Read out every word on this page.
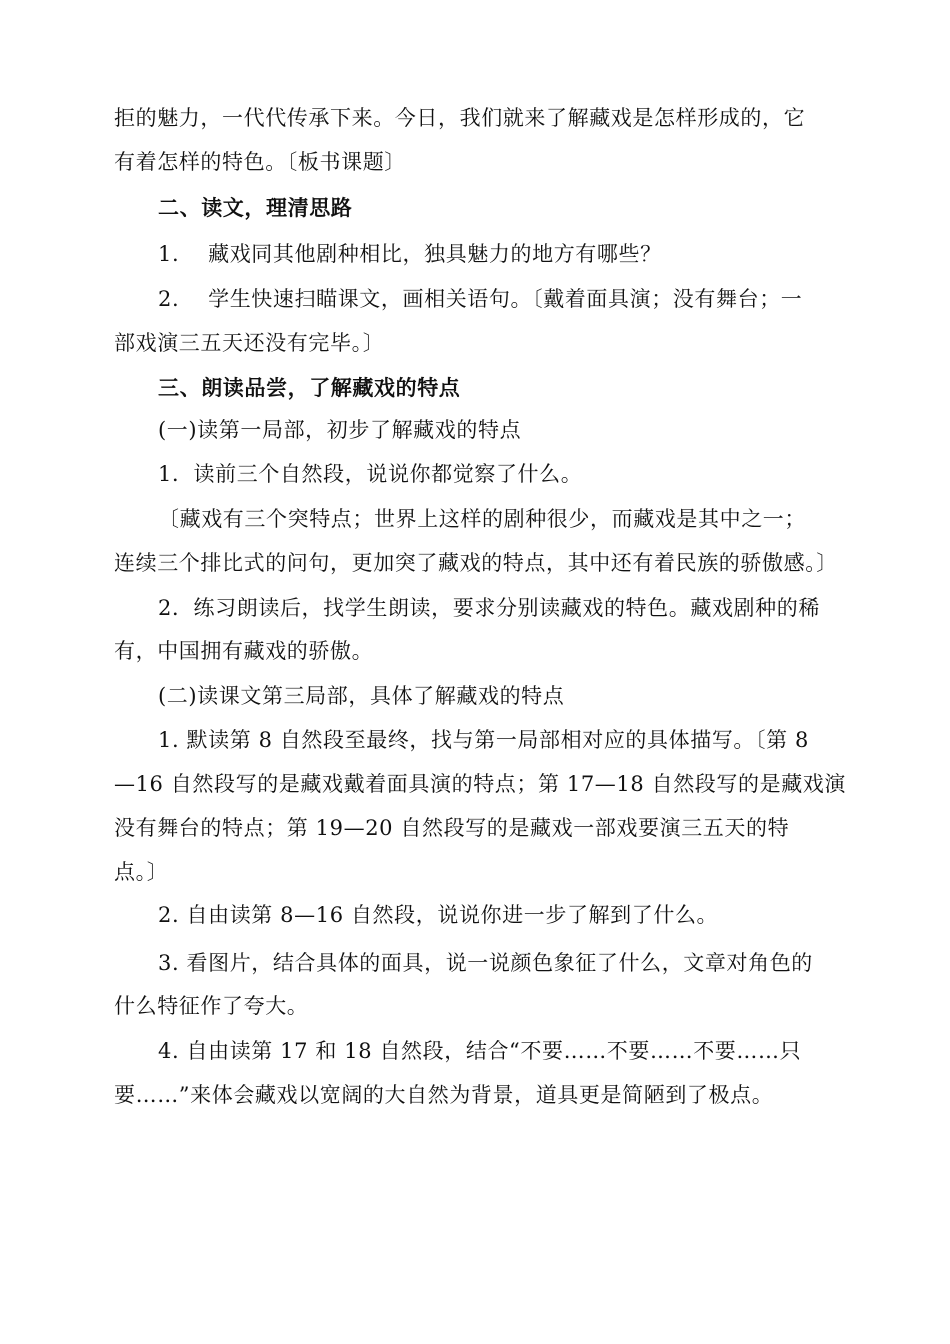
拒的魅力，一代代传承下来。今日，我们就来了解藏戏是怎样形成的，它
有着怎样的特色。〔板书课题〕
二、读文，理清思路
1.　 藏戏同其他剧种相比，独具魅力的地方有哪些？
2.　 学生快速扫瞄课文，画相关语句。〔戴着面具演；没有舞台；一
部戏演三五天还没有完毕。〕
三、朗读品尝，了解藏戏的特点
(一)读第一局部，初步了解藏戏的特点
1．读前三个自然段，说说你都觉察了什么。
〔藏戏有三个突特点；世界上这样的剧种很少，而藏戏是其中之一；
连续三个排比式的问句，更加突了藏戏的特点，其中还有着民族的骄傲感。〕
2．练习朗读后，找学生朗读，要求分别读藏戏的特色。藏戏剧种的稀
有，中国拥有藏戏的骄傲。
(二)读课文第三局部，具体了解藏戏的特点
1. 默读第 8 自然段至最终，找与第一局部相对应的具体描写。〔第 8
—16 自然段写的是藏戏戴着面具演的特点；第 17—18 自然段写的是藏戏演
没有舞台的特点；第 19—20 自然段写的是藏戏一部戏要演三五天的特
点。〕
2. 自由读第 8—16 自然段，说说你进一步了解到了什么。
3. 看图片，结合具体的面具，说一说颜色象征了什么，文章对角色的
什么特征作了夸大。
4. 自由读第 17 和 18 自然段，结合“不要……不要……不要……只
要……”来体会藏戏以宽阔的大自然为背景，道具更是简陋到了极点。
